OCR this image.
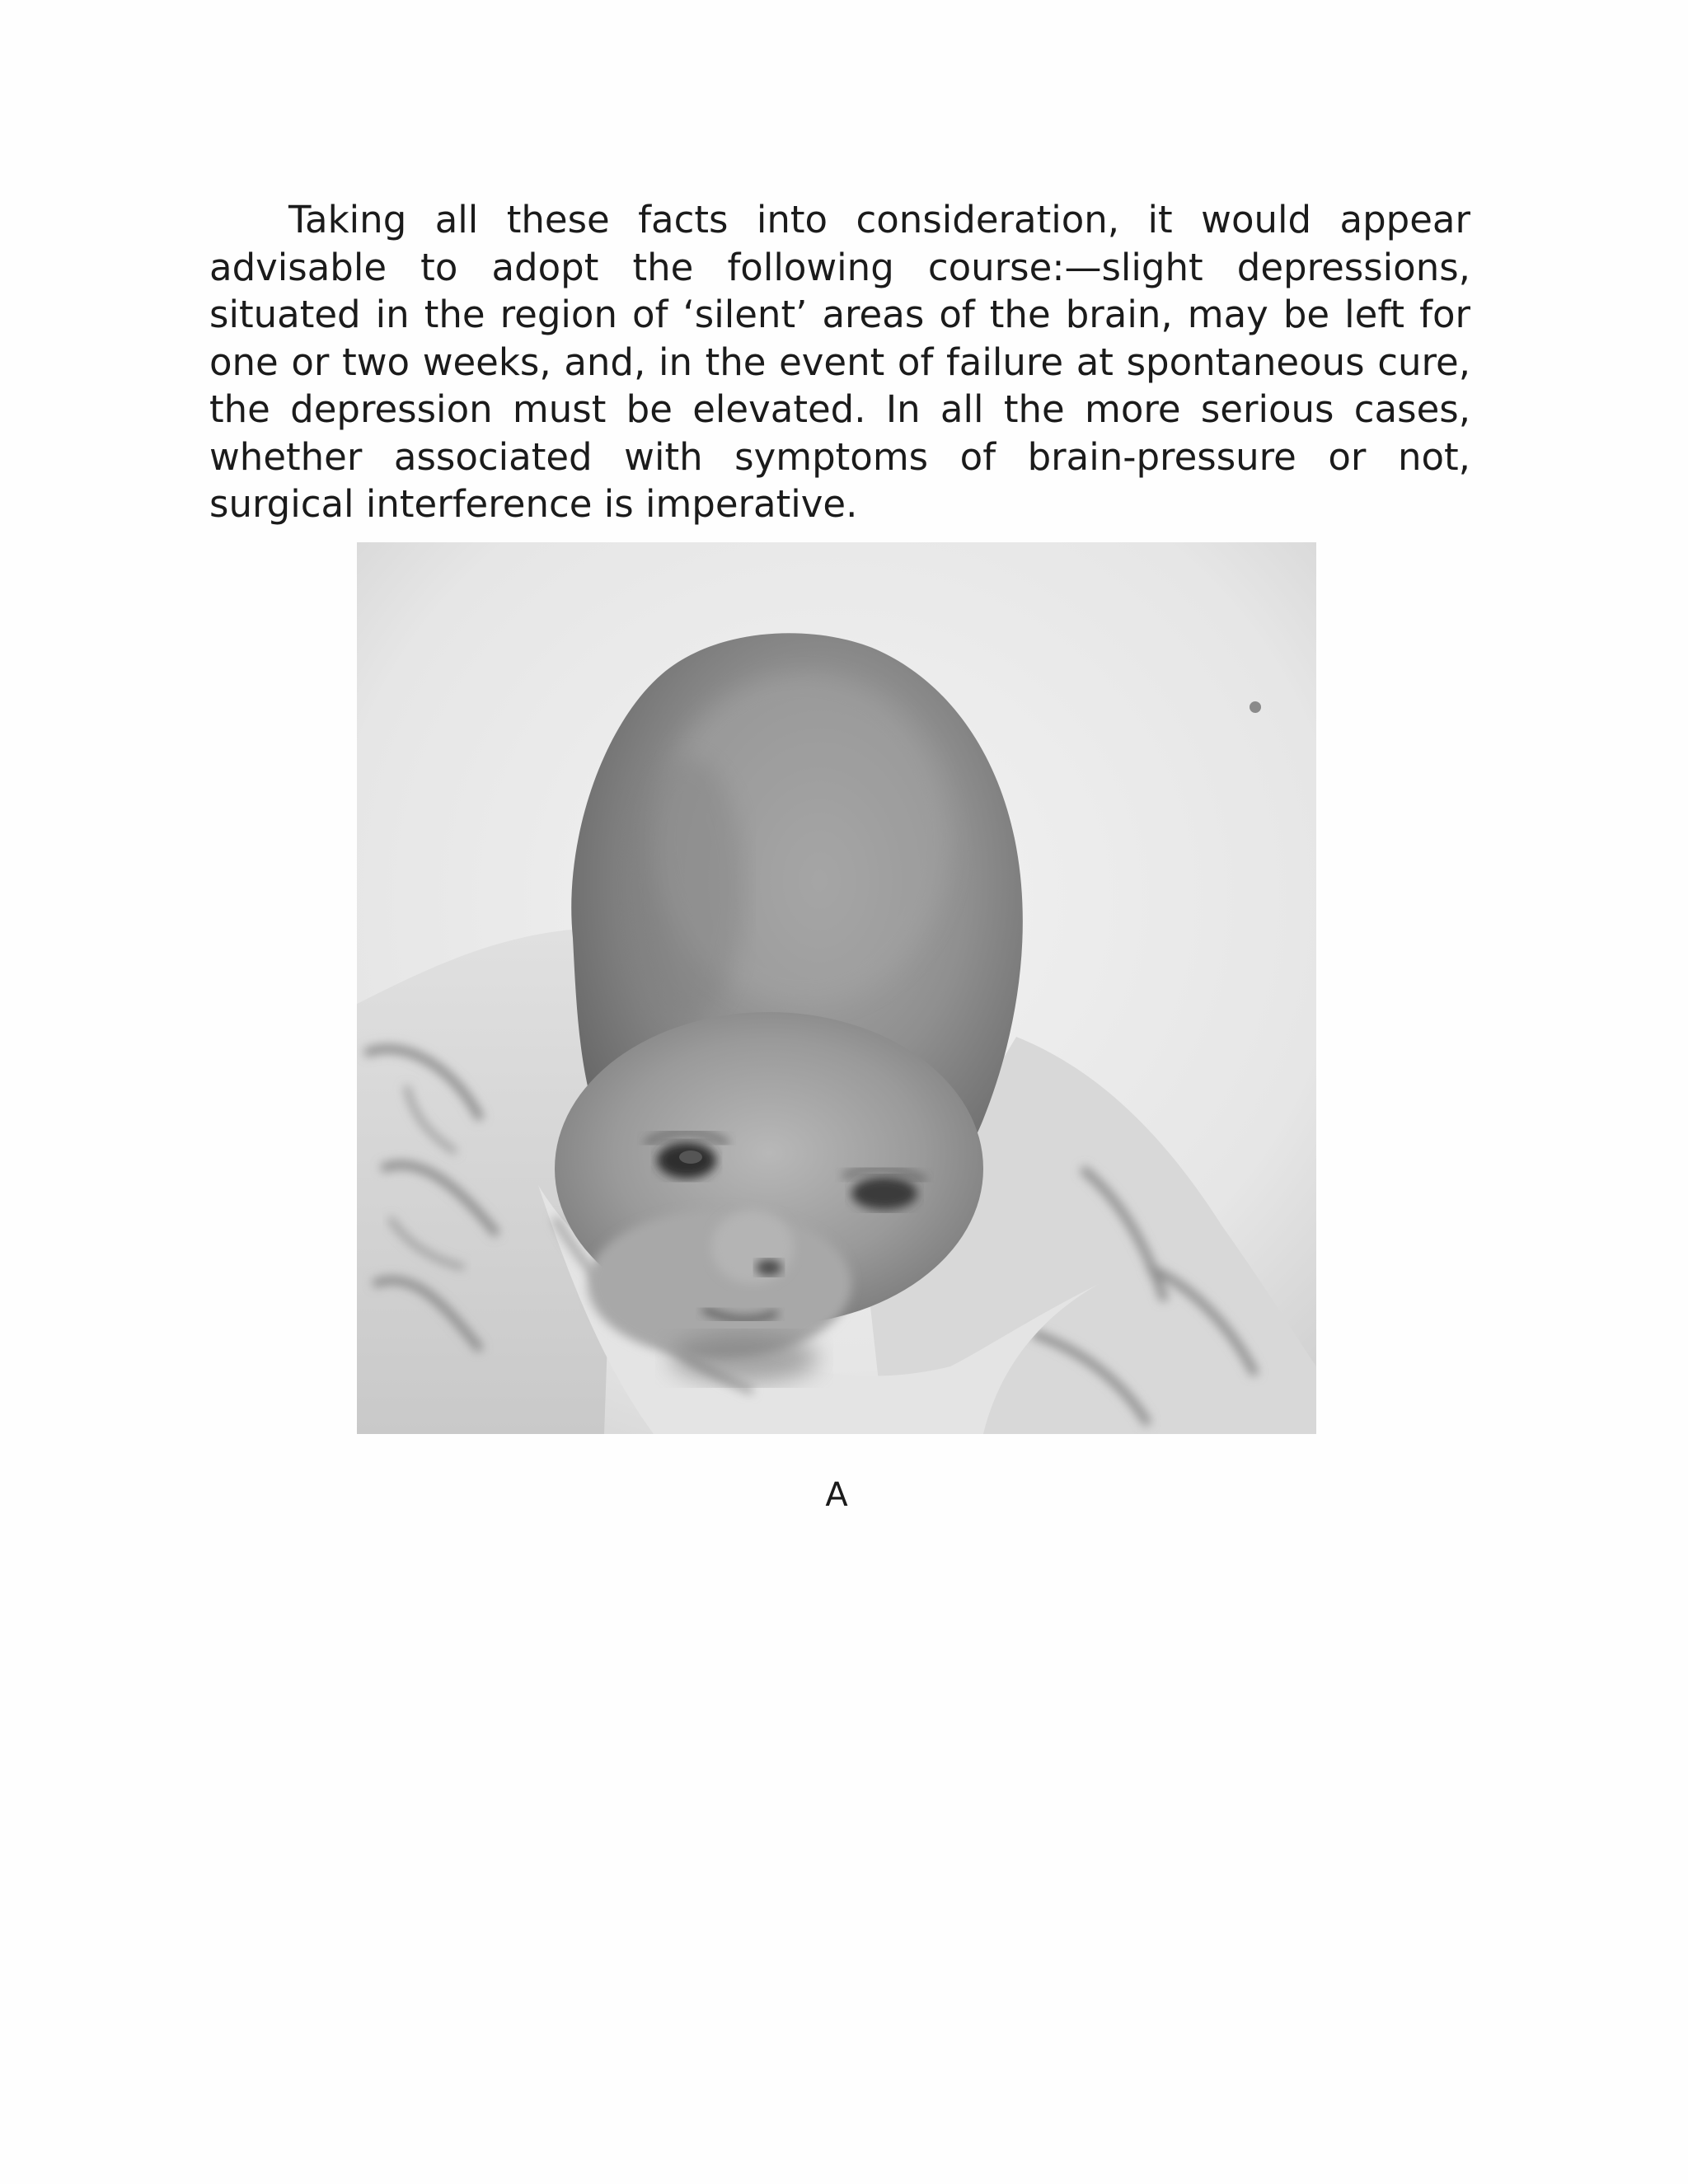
Taking all these facts into consideration, it would appear advisable to adopt the following course:—slight depressions, situated in the region of ‘silent’ areas of the brain, may be left for one or two weeks, and, in the event of failure at spontaneous cure, the depression must be elevated. In all the more serious cases, whether associated with symptoms of brain-pressure or not, surgical interference is imperative.

A
